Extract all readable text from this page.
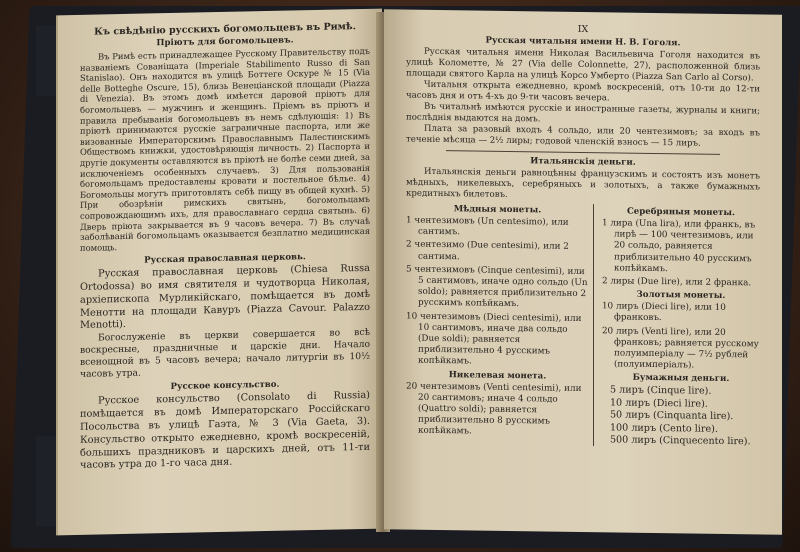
Къ свѣдѣнію русскихъ богомольцевъ въ Римѣ.
Пріютъ для богомольцевъ.

Въ Римѣ есть принадлежащее Русскому Правительству подъ названіемъ Сованіщата (Imperiale Stabilimento Russo di San Stanislao). Онъ находится въ улицѣ Боттеге Оскуре № 15 (Via delle Botteghe Oscure, 15), близь Венеціанской площади (Piazza di Venezia). Въ этомъ домѣ имѣется даровой пріютъ для богомольцевъ — мужчинъ и женщинъ. Пріемъ въ пріютъ и правила пребыванія богомольцевъ въ немъ сдѣлующія: 1) Въ пріютѣ принимаются русскіе заграничные паспорта, или же визованные Императорскимъ Православнымъ Палестинскимъ Обществомъ книжки, удостовѣряющія личность. 2) Паспорта и другіе документы оставляются въ пріютѣ не болѣе семи дней, за исключеніемъ особенныхъ случаевъ. 3) Для пользованія богомольцамъ предоставлены кровати и постельное бѣлье. 4) Богомольцы могутъ приготовлять себѣ пищу въ общей кухнѣ. 5) При обозрѣніи римскихъ святынь, богомольцамъ сопровождающимъ ихъ, для православнаго сердца святынь. 6) Дверь пріюта закрывается въ 9 часовъ вечера. 7) Въ случаѣ заболѣваній богомольцамъ оказывается безплатно медицинская помощь.

Русская православная церковь.

Русская православная церковь (Chiesa Russa Ortodossa) во имя святителя и чудотворца Николая, архіепископа Мурликійскаго, помѣщается въ домѣ Менотти на площади Кавуръ (Piazza Cavour. Palazzo Menotti).

Богослуженіе въ церкви совершается во всѣ воскресные, праздничные и царскіе дни. Начало всенощной въ 5 часовъ вечера; начало литургіи въ 10½ часовъ утра.

Русское консульство.

Русское консульство (Consolato di Russia) помѣщается въ домѣ Императорскаго Россійскаго Посольства въ улицѣ Гаэта, № 3 (Via Gaeta, 3). Консульство открыто ежедневно, кромѣ воскресеній, большихъ праздниковъ и царскихъ дней, отъ 11-ти часовъ утра до 1-го часа дня.

IX
Русская читальня имени Н. В. Гоголя.

Русская читальня имени Николая Васильевича Гоголя находится въ улицѣ Колометте, № 27 (Via delle Colonnette, 27), расположенной близь площади святого Карла на улицѣ Корсо Умберто (Piazza San Carlo al Corso).

Читальня открыта ежедневно, кромѣ воскресеній, отъ 10-ти до 12-ти часовъ дня и отъ 4-хъ до 9-ти часовъ вечера.

Въ читальнѣ имѣются русскіе и иностранные газеты, журналы и книги; послѣднія выдаются на домъ.

Плата за разовый входъ 4 сольдо, или 20 чентезимовъ; за входъ въ теченіе мѣсяца — 2½ лиры; годовой членскій взносъ — 15 лиръ.

Итальянскія деньги.

Итальянскія деньги равноцѣнны французскимъ и состоятъ изъ монетъ мѣдныхъ, никелевыхъ, серебряныхъ и золотыхъ, а также бумажныхъ кредитныхъ билетовъ.

Мѣдныя монеты.
1 чентезимовъ (Un centesimo), или сантимъ.
2 чентезимо (Due centesimi), или 2 сантима.
5 чентезимовъ (Cinque centesimi), или 5 сантимовъ, иначе одно сольдо (Un soldo); равняется приблизительно 2 русскимъ копѣйкамъ.
10 чентезимовъ (Dieci centesimi), или 10 сантимовъ, иначе два сольдо (Due soldi); равняется приблизительно 4 русскимъ копѣйкамъ.
Никелевая монета.
20 чентезимовъ (Venti centesimi), или 20 сантимовъ; иначе 4 сольдо (Quattro soldi); равняется приблизительно 8 русскимъ копѣйкамъ.
Серебряныя монеты.
1 лира (Una lira), или франкъ, въ лирѣ — 100 чентезимовъ, или 20 сольдо, равняется приблизительно 40 русскимъ копѣйкамъ.
2 лиры (Due lire), или 2 франка.
Золотыя монеты.
10 лиръ (Dieci lire), или 10 франковъ.
20 лиръ (Venti lire), или 20 франковъ; равняется русскому полуимперіалу — 7½ рублей (полуимперіалъ).
Бумажныя деньги.
5 лиръ (Cinque lire).
10 лиръ (Dieci lire).
50 лиръ (Cinquanta lire).
100 лиръ (Cento lire).
500 лиръ (Cinquecento lire).
